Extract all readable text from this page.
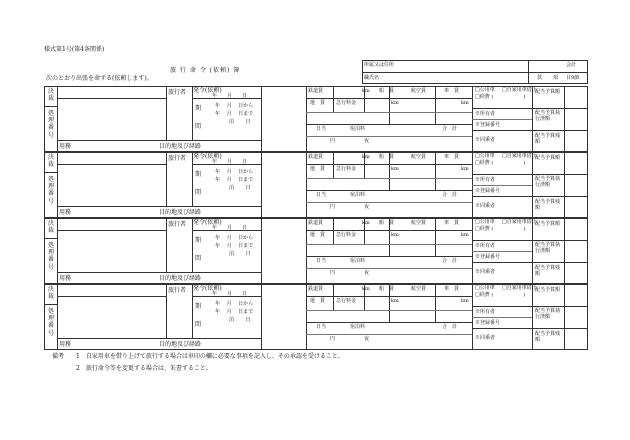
様式第1号(第4条関係)
旅 行 命 令 (依頼) 簿
次のとおり出張を命ずる(依頼します)。
所属又は住所	会計
職氏名	款 項 目9節
決
裁
処
理
番
号
旅行者 発令(依頼)
年　　月　　日
期
間
年　 月　 日から
年　 月　 日まで
泊　　 日
用務	目的地及び経路
鉄道賃	km 船　賃	航空賃	車　賃
運　賃 急行料金	km	km
日当	宿泊料	合　計
円	夜
□公用車 □自家用車借上
□経費 (　　　　　　)
※所有者
※登録番号
※同乗者
配当予算額
配当予算執行済額
配当予算残額
決
裁
処
理
番
号
旅行者 発令(依頼)
年　　月　　日
期
間
年　 月　 日から
年　 月　 日まで
泊　　 日
用務	目的地及び経路
鉄道賃	km 船　賃	航空賃	車　賃
運　賃 急行料金	km	km
日当	宿泊料	合　計
円	夜
□公用車 □自家用車借上
□経費 (　　　　　　)
※所有者
※登録番号
※同乗者
配当予算額
配当予算執行済額
配当予算残額
決
裁
処
理
番
号
旅行者 発令(依頼)
年　　月　　日
期
間
年　 月　 日から
年　 月　 日まで
泊　　 日
用務	目的地及び経路
鉄道賃	km 船　賃	航空賃	車　賃
運　賃 急行料金	km	km
日当	宿泊料	合　計
円	夜
□公用車 □自家用車借上
□経費 (　　　　　　)
※所有者
※登録番号
※同乗者
配当予算額
配当予算執行済額
配当予算残額
決
裁
処
理
番
号
旅行者 発令(依頼)
年　　月　　日
期
間
年　 月　 日から
年　 月　 日まで
泊　　 日
用務	目的地及び経路
鉄道賃	km 船　賃	航空賃	車　賃
運　賃 急行料金	km	km
日当	宿泊料	合　計
円	夜
□公用車 □自家用車借上
□経費 (　　　　　　)
※所有者
※登録番号
※同乗者
配当予算額
配当予算執行済額
配当予算残額
備考 1　自家用車を借り上げて旅行する場合は車印の欄に必要な事項を記入し、その承認を受けること。
2　旅行命令等を変更する場合は、朱書すること。
